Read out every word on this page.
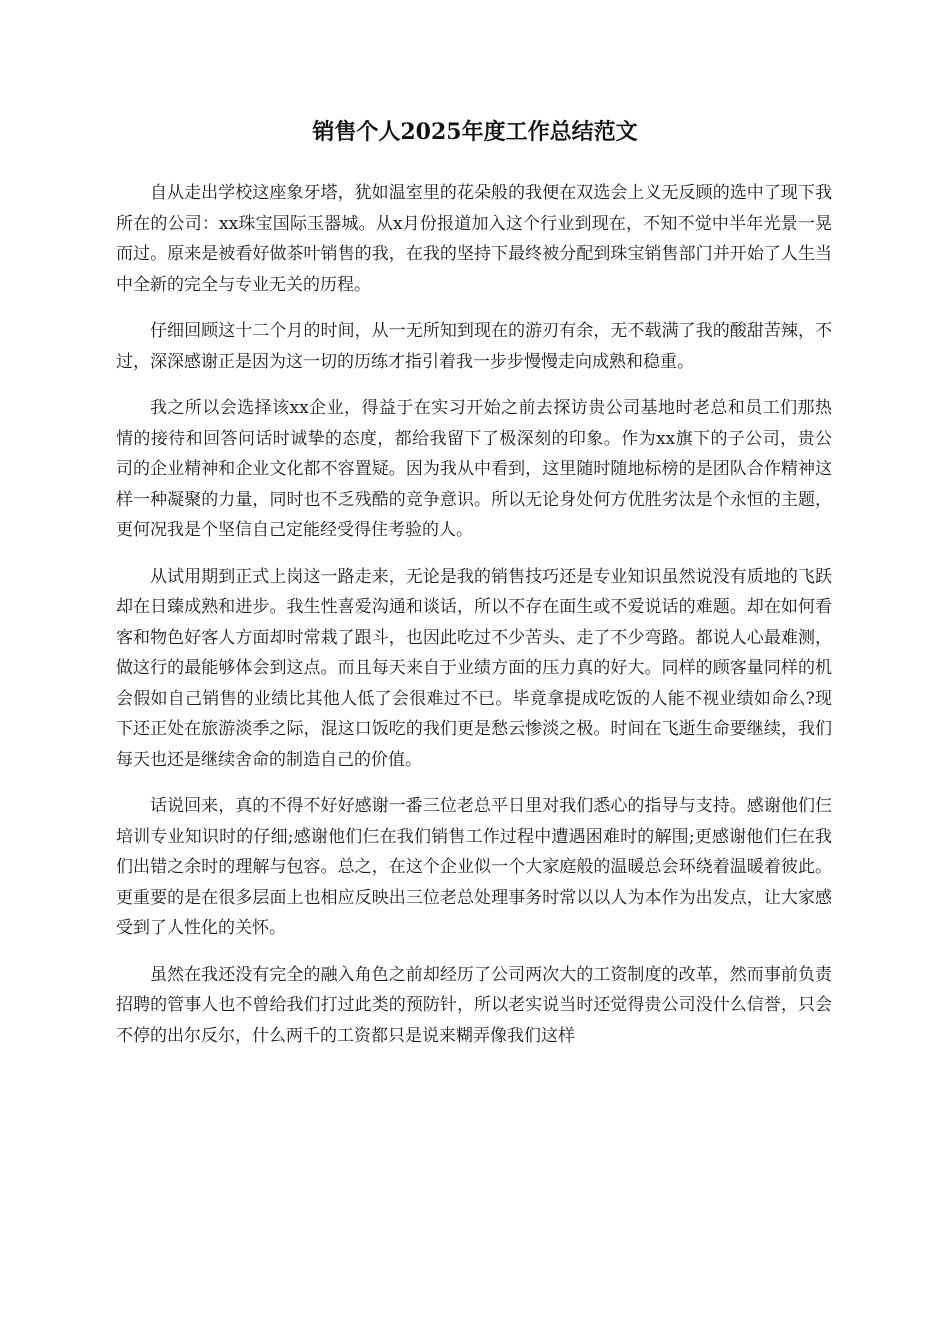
销售个人2025年度工作总结范文

自从走出学校这座象牙塔，犹如温室里的花朵般的我便在双选会上义无反顾的选中了现下我所在的公司：xx珠宝国际玉器城。从x月份报道加入这个行业到现在，不知不觉中半年光景一晃而过。原来是被看好做茶叶销售的我，在我的坚持下最终被分配到珠宝销售部门并开始了人生当中全新的完全与专业无关的历程。

仔细回顾这十二个月的时间，从一无所知到现在的游刃有余，无不载满了我的酸甜苦辣，不过，深深感谢正是因为这一切的历练才指引着我一步步慢慢走向成熟和稳重。

我之所以会选择该xx企业，得益于在实习开始之前去探访贵公司基地时老总和员工们那热情的接待和回答问话时诚挚的态度，都给我留下了极深刻的印象。作为xx旗下的子公司，贵公司的企业精神和企业文化都不容置疑。因为我从中看到，这里随时随地标榜的是团队合作精神这样一种凝聚的力量，同时也不乏残酷的竞争意识。所以无论身处何方优胜劣汰是个永恒的主题，更何况我是个坚信自己定能经受得住考验的人。

从试用期到正式上岗这一路走来，无论是我的销售技巧还是专业知识虽然说没有质地的飞跃却在日臻成熟和进步。我生性喜爱沟通和谈话，所以不存在面生或不爱说话的难题。却在如何看客和物色好客人方面却时常栽了跟斗，也因此吃过不少苦头、走了不少弯路。都说人心最难测，做这行的最能够体会到这点。而且每天来自于业绩方面的压力真的好大。同样的顾客量同样的机会假如自己销售的业绩比其他人低了会很难过不已。毕竟拿提成吃饭的人能不视业绩如命么?现下还正处在旅游淡季之际，混这口饭吃的我们更是愁云惨淡之极。时间在飞逝生命要继续，我们每天也还是继续舍命的制造自己的价值。

话说回来，真的不得不好好感谢一番三位老总平日里对我们悉心的指导与支持。感谢他们仨培训专业知识时的仔细;感谢他们仨在我们销售工作过程中遭遇困难时的解围;更感谢他们仨在我们出错之余时的理解与包容。总之，在这个企业似一个大家庭般的温暖总会环绕着温暖着彼此。更重要的是在很多层面上也相应反映出三位老总处理事务时常以以人为本作为出发点，让大家感受到了人性化的关怀。

虽然在我还没有完全的融入角色之前却经历了公司两次大的工资制度的改革，然而事前负责招聘的管事人也不曾给我们打过此类的预防针，所以老实说当时还觉得贵公司没什么信誉，只会不停的出尔反尔，什么两千的工资都只是说来糊弄像我们这样
